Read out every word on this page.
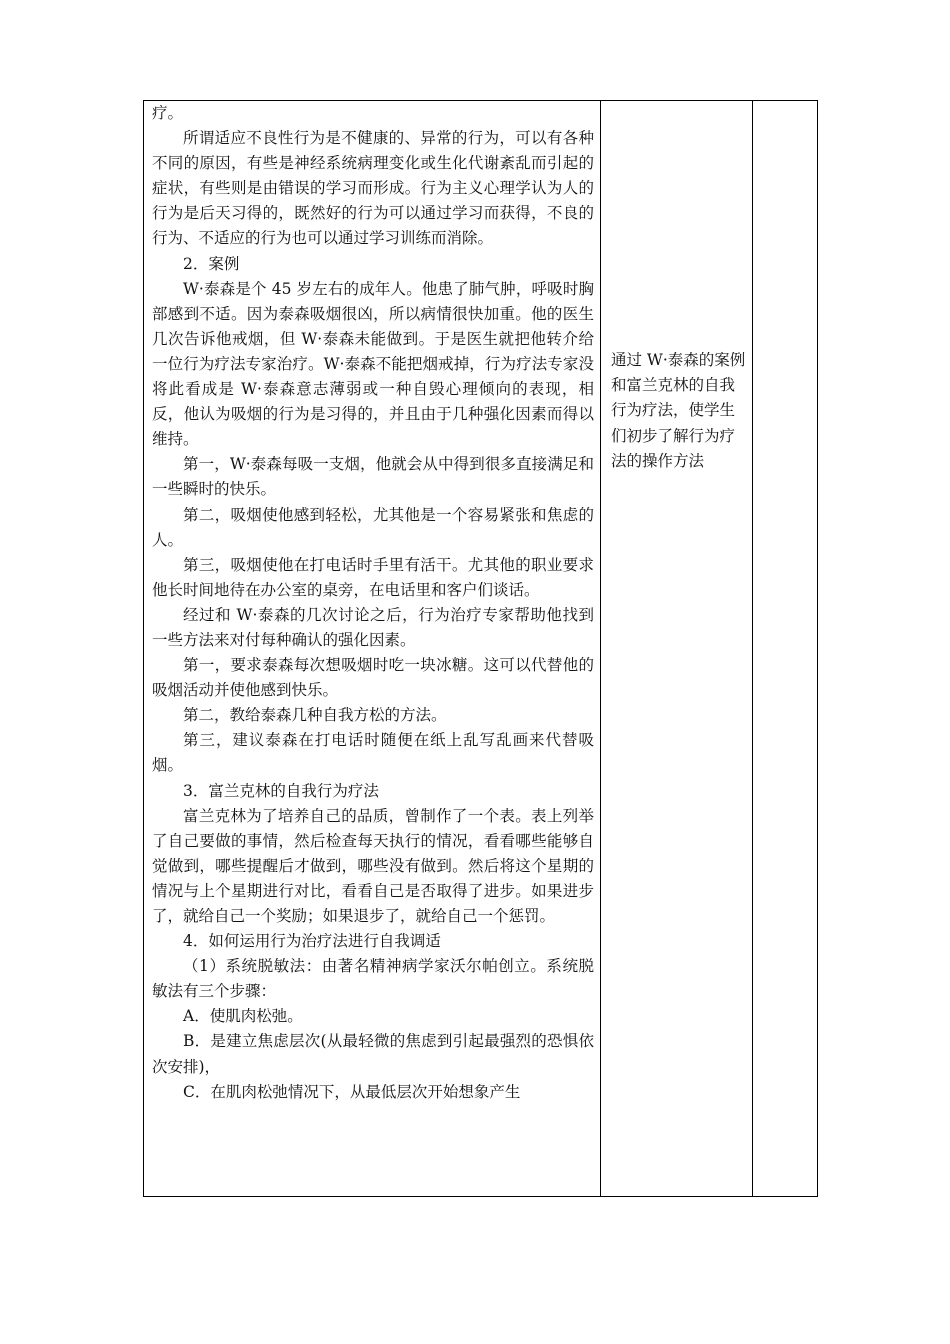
疗。

所谓适应不良性行为是不健康的、异常的行为，可以有各种不同的原因，有些是神经系统病理变化或生化代谢紊乱而引起的症状，有些则是由错误的学习而形成。行为主义心理学认为人的行为是后天习得的，既然好的行为可以通过学习而获得，不良的行为、不适应的行为也可以通过学习训练而消除。

2．案例

W·泰森是个 45 岁左右的成年人。他患了肺气肿，呼吸时胸部感到不适。因为泰森吸烟很凶，所以病情很快加重。他的医生几次告诉他戒烟，但 W·泰森未能做到。于是医生就把他转介给一位行为疗法专家治疗。W·泰森不能把烟戒掉，行为疗法专家没将此看成是 W·泰森意志薄弱或一种自毁心理倾向的表现，相反，他认为吸烟的行为是习得的，并且由于几种强化因素而得以维持。

第一，W·泰森每吸一支烟，他就会从中得到很多直接满足和一些瞬时的快乐。

第二，吸烟使他感到轻松，尤其他是一个容易紧张和焦虑的人。

第三，吸烟使他在打电话时手里有活干。尤其他的职业要求他长时间地待在办公室的桌旁，在电话里和客户们谈话。

经过和 W·泰森的几次讨论之后，行为治疗专家帮助他找到一些方法来对付每种确认的强化因素。

第一，要求泰森每次想吸烟时吃一块冰糖。这可以代替他的吸烟活动并使他感到快乐。

第二，教给泰森几种自我方松的方法。

第三，建议泰森在打电话时随便在纸上乱写乱画来代替吸烟。

3．富兰克林的自我行为疗法

富兰克林为了培养自己的品质，曾制作了一个表。表上列举了自己要做的事情，然后检查每天执行的情况，看看哪些能够自觉做到，哪些提醒后才做到，哪些没有做到。然后将这个星期的情况与上个星期进行对比，看看自己是否取得了进步。如果进步了，就给自己一个奖励；如果退步了，就给自己一个惩罚。

4．如何运用行为治疗法进行自我调适

（1）系统脱敏法：由著名精神病学家沃尔帕创立。系统脱敏法有三个步骤：

A．使肌肉松弛。

B．是建立焦虑层次(从最轻微的焦虑到引起最强烈的恐惧依次安排)，

C．在肌肉松弛情况下，从最低层次开始想象产生

通过 W·泰森的案例和富兰克林的自我行为疗法，使学生们初步了解行为疗法的操作方法
